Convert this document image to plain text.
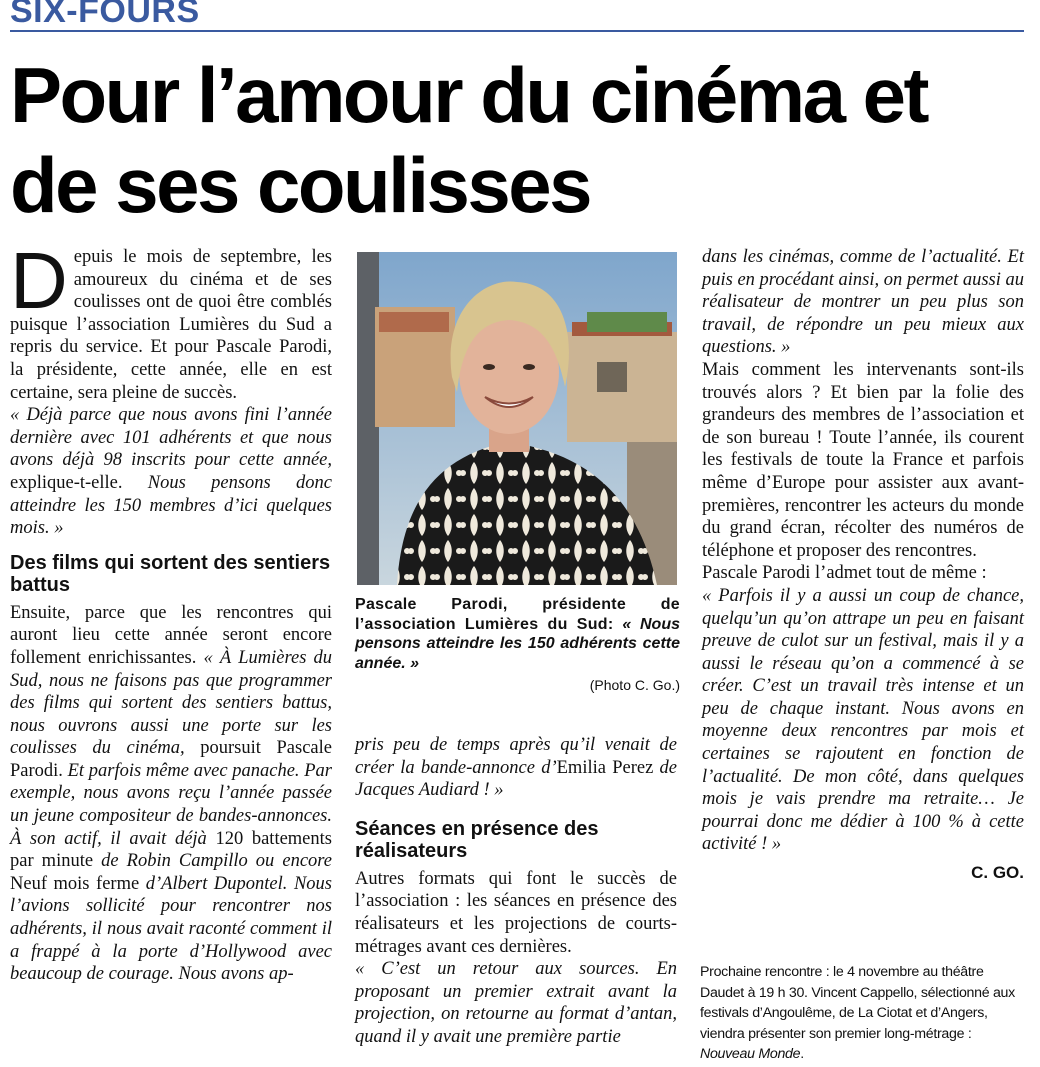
SIX-FOURS
Pour l’amour du cinéma et de ses coulisses

Depuis le mois de septembre, les amoureux du cinéma et de ses coulisses ont de quoi être comblés puisque l’association Lumières du Sud a repris du service. Et pour Pascale Parodi, la présidente, cette année, elle en est certaine, sera pleine de succès.

« Déjà parce que nous avons fini l’année dernière avec 101 adhérents et que nous avons déjà 98 inscrits pour cette année, explique-t-elle. Nous pensons donc atteindre les 150 membres d’ici quelques mois. »

Des films qui sortent des sentiers battus

Ensuite, parce que les rencontres qui auront lieu cette année seront encore follement enrichissantes. « À Lumières du Sud, nous ne faisons pas que programmer des films qui sortent des sentiers battus, nous ouvrons aussi une porte sur les coulisses du cinéma, poursuit Pascale Parodi. Et parfois même avec panache. Par exemple, nous avons reçu l’année passée un jeune compositeur de bandes-annonces. À son actif, il avait déjà 120 battements par minute de Robin Campillo ou encore Neuf mois ferme d’Albert Dupontel. Nous l’avions sollicité pour rencontrer nos adhérents, il nous avait raconté comment il a frappé à la porte d’Hollywood avec beaucoup de courage. Nous avons ap-

Pascale Parodi, présidente de l’association Lumières du Sud: « Nous pensons atteindre les 150 adhérents cette année. »
(Photo C. Go.)

pris peu de temps après qu’il venait de créer la bande-annonce d’Emilia Perez de Jacques Audiard ! »

Séances en présence des réalisateurs

Autres formats qui font le succès de l’association : les séances en présence des réalisateurs et les projections de courts-métrages avant ces dernières.

« C’est un retour aux sources. En proposant un premier extrait avant la projection, on retourne au format d’antan, quand il y avait une première partie

dans les cinémas, comme de l’actualité. Et puis en procédant ainsi, on permet aussi au réalisateur de montrer un peu plus son travail, de répondre un peu mieux aux questions. »

Mais comment les intervenants sont-ils trouvés alors ? Et bien par la folie des grandeurs des membres de l’association et de son bureau ! Toute l’année, ils courent les festivals de toute la France et parfois même d’Europe pour assister aux avant-premières, rencontrer les acteurs du monde du grand écran, récolter des numéros de téléphone et proposer des rencontres.

Pascale Parodi l’admet tout de même :

« Parfois il y a aussi un coup de chance, quelqu’un qu’on attrape un peu en faisant preuve de culot sur un festival, mais il y a aussi le réseau qu’on a commencé à se créer. C’est un travail très intense et un peu de chaque instant. Nous avons en moyenne deux rencontres par mois et certaines se rajoutent en fonction de l’actualité. De mon côté, dans quelques mois je vais prendre ma retraite… Je pourrai donc me dédier à 100 % à cette activité ! »

C. GO.
Prochaine rencontre : le 4 novembre au théâtre Daudet à 19 h 30. Vincent Cappello, sélectionné aux festivals d’Angoulême, de La Ciotat et d’Angers, viendra présenter son premier long-métrage : Nouveau Monde.
